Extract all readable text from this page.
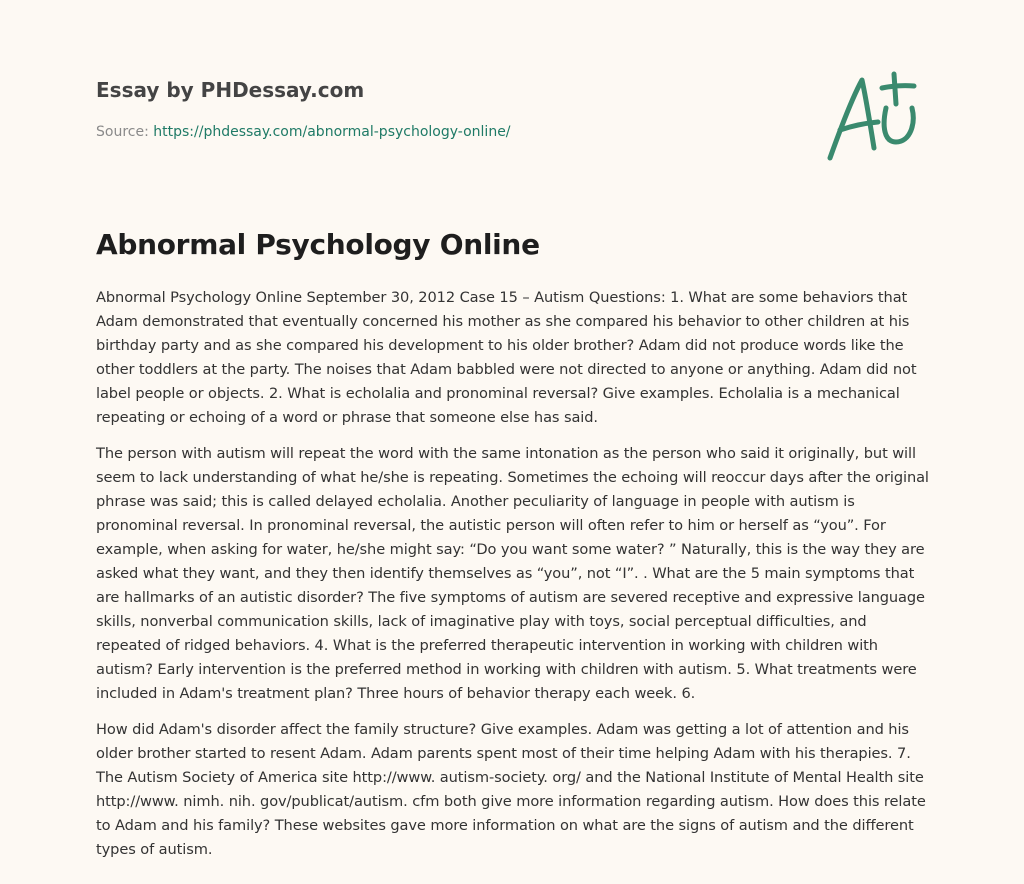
Essay by PHDessay.com
Source: https://phdessay.com/abnormal-psychology-online/
Abnormal Psychology Online

Abnormal Psychology Online September 30, 2012 Case 15 – Autism Questions: 1. What are some behaviors that Adam demonstrated that eventually concerned his mother as she compared his behavior to other children at his birthday party and as she compared his development to his older brother? Adam did not produce words like the other toddlers at the party. The noises that Adam babbled were not directed to anyone or anything. Adam did not label people or objects. 2. What is echolalia and pronominal reversal? Give examples. Echolalia is a mechanical repeating or echoing of a word or phrase that someone else has said.

The person with autism will repeat the word with the same intonation as the person who said it originally, but will seem to lack understanding of what he/she is repeating. Sometimes the echoing will reoccur days after the original phrase was said; this is called delayed echolalia. Another peculiarity of language in people with autism is pronominal reversal. In pronominal reversal, the autistic person will often refer to him or herself as “you”. For example, when asking for water, he/she might say: “Do you want some water? ” Naturally, this is the way they are asked what they want, and they then identify themselves as “you”, not “I”. . What are the 5 main symptoms that are hallmarks of an autistic disorder? The five symptoms of autism are severed receptive and expressive language skills, nonverbal communication skills, lack of imaginative play with toys, social perceptual difficulties, and repeated of ridged behaviors. 4. What is the preferred therapeutic intervention in working with children with autism? Early intervention is the preferred method in working with children with autism. 5. What treatments were included in Adam's treatment plan? Three hours of behavior therapy each week. 6.

How did Adam's disorder affect the family structure? Give examples. Adam was getting a lot of attention and his older brother started to resent Adam. Adam parents spent most of their time helping Adam with his therapies. 7. The Autism Society of America site http://www. autism-society. org/ and the National Institute of Mental Health site http://www. nimh. nih. gov/publicat/autism. cfm both give more information regarding autism. How does this relate to Adam and his family? These websites gave more information on what are the signs of autism and the different types of autism.
